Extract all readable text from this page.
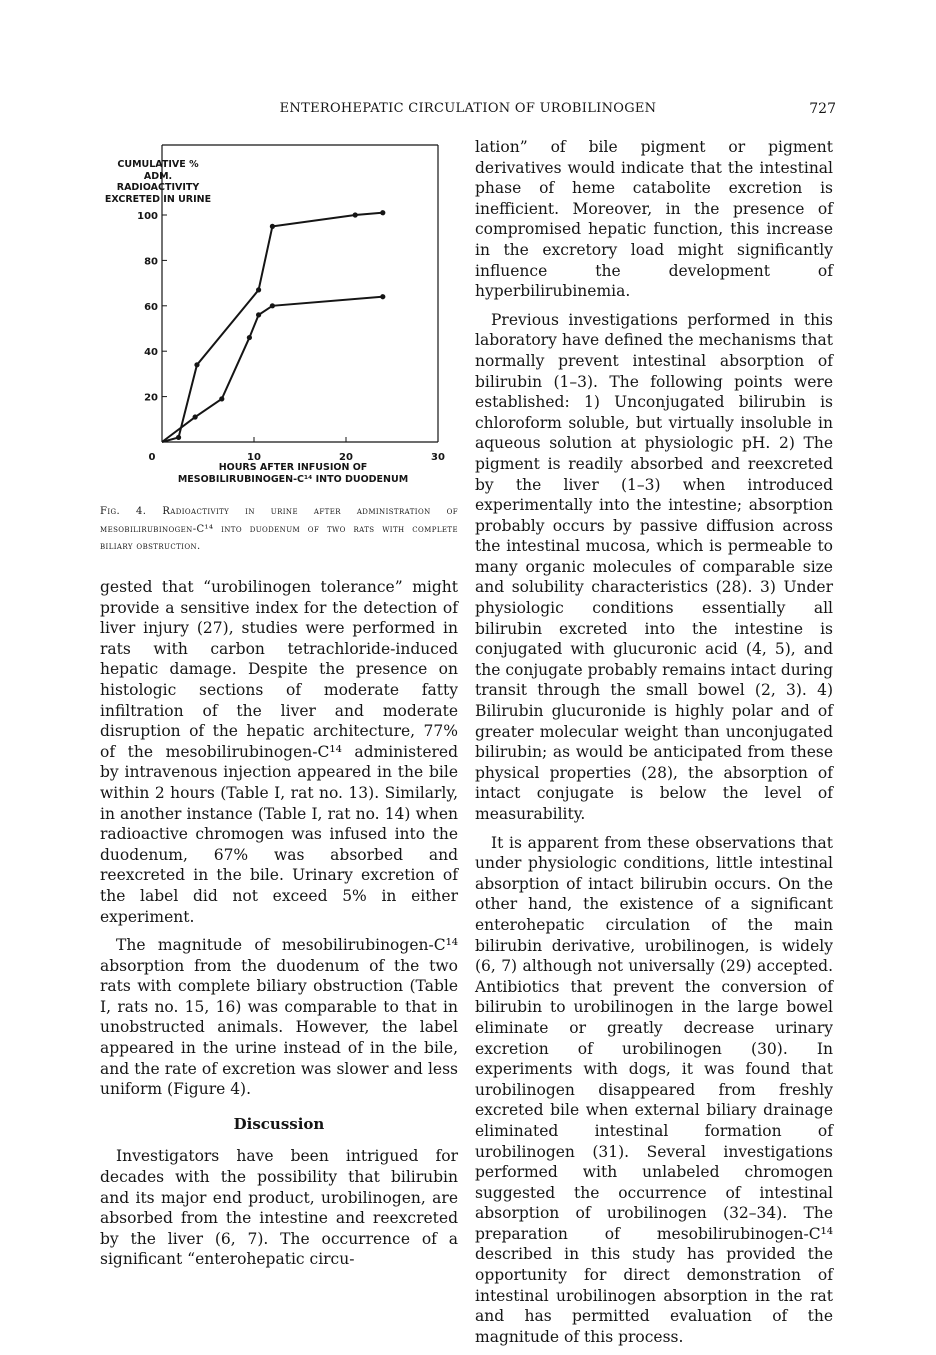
ENTEROHEPATIC CIRCULATION OF UROBILINOGEN	727
20
40
60
80
100
0	10	20	30
CUMULATIVE %
ADM. RADIOACTIVITY
EXCRETED IN URINE
HOURS AFTER INFUSION OF
MESOBILIRUBINOGEN-C¹⁴ INTO DUODENUM
Fig. 4. Radioactivity in urine after administration of mesobilirubinogen-C¹⁴ into duodenum of two rats with complete biliary obstruction.

gested that “urobilinogen tolerance” might provide a sensitive index for the detection of liver injury (27), studies were performed in rats with carbon tetrachloride-induced hepatic damage. Despite the presence on histologic sections of moderate fatty infiltration of the liver and moderate disruption of the hepatic architecture, 77% of the mesobilirubinogen-C¹⁴ administered by intravenous injection appeared in the bile within 2 hours (Table I, rat no. 13). Similarly, in another instance (Table I, rat no. 14) when radioactive chromogen was infused into the duodenum, 67% was absorbed and reexcreted in the bile. Urinary excretion of the label did not exceed 5% in either experiment.

The magnitude of mesobilirubinogen-C¹⁴ absorption from the duodenum of the two rats with complete biliary obstruction (Table I, rats no. 15, 16) was comparable to that in unobstructed animals. However, the label appeared in the urine instead of in the bile, and the rate of excretion was slower and less uniform (Figure 4).

Discussion

Investigators have been intrigued for decades with the possibility that bilirubin and its major end product, urobilinogen, are absorbed from the intestine and reexcreted by the liver (6, 7). The occurrence of a significant “enterohepatic circu-

lation” of bile pigment or pigment derivatives would indicate that the intestinal phase of heme catabolite excretion is inefficient. Moreover, in the presence of compromised hepatic function, this increase in the excretory load might significantly influence the development of hyperbilirubinemia.

Previous investigations performed in this laboratory have defined the mechanisms that normally prevent intestinal absorption of bilirubin (1–3). The following points were established: 1) Unconjugated bilirubin is chloroform soluble, but virtually insoluble in aqueous solution at physiologic pH. 2) The pigment is readily absorbed and reexcreted by the liver (1–3) when introduced experimentally into the intestine; absorption probably occurs by passive diffusion across the intestinal mucosa, which is permeable to many organic molecules of comparable size and solubility characteristics (28). 3) Under physiologic conditions essentially all bilirubin excreted into the intestine is conjugated with glucuronic acid (4, 5), and the conjugate probably remains intact during transit through the small bowel (2, 3). 4) Bilirubin glucuronide is highly polar and of greater molecular weight than unconjugated bilirubin; as would be anticipated from these physical properties (28), the absorption of intact conjugate is below the level of measurability.

It is apparent from these observations that under physiologic conditions, little intestinal absorption of intact bilirubin occurs. On the other hand, the existence of a significant enterohepatic circulation of the main bilirubin derivative, urobilinogen, is widely (6, 7) although not universally (29) accepted. Antibiotics that prevent the conversion of bilirubin to urobilinogen in the large bowel eliminate or greatly decrease urinary excretion of urobilinogen (30). In experiments with dogs, it was found that urobilinogen disappeared from freshly excreted bile when external biliary drainage eliminated intestinal formation of urobilinogen (31). Several investigations performed with unlabeled chromogen suggested the occurrence of intestinal absorption of urobilinogen (32–34). The preparation of mesobilirubinogen-C¹⁴ described in this study has provided the opportunity for direct demonstration of intestinal urobilinogen absorption in the rat and has permitted evaluation of the magnitude of this process.
